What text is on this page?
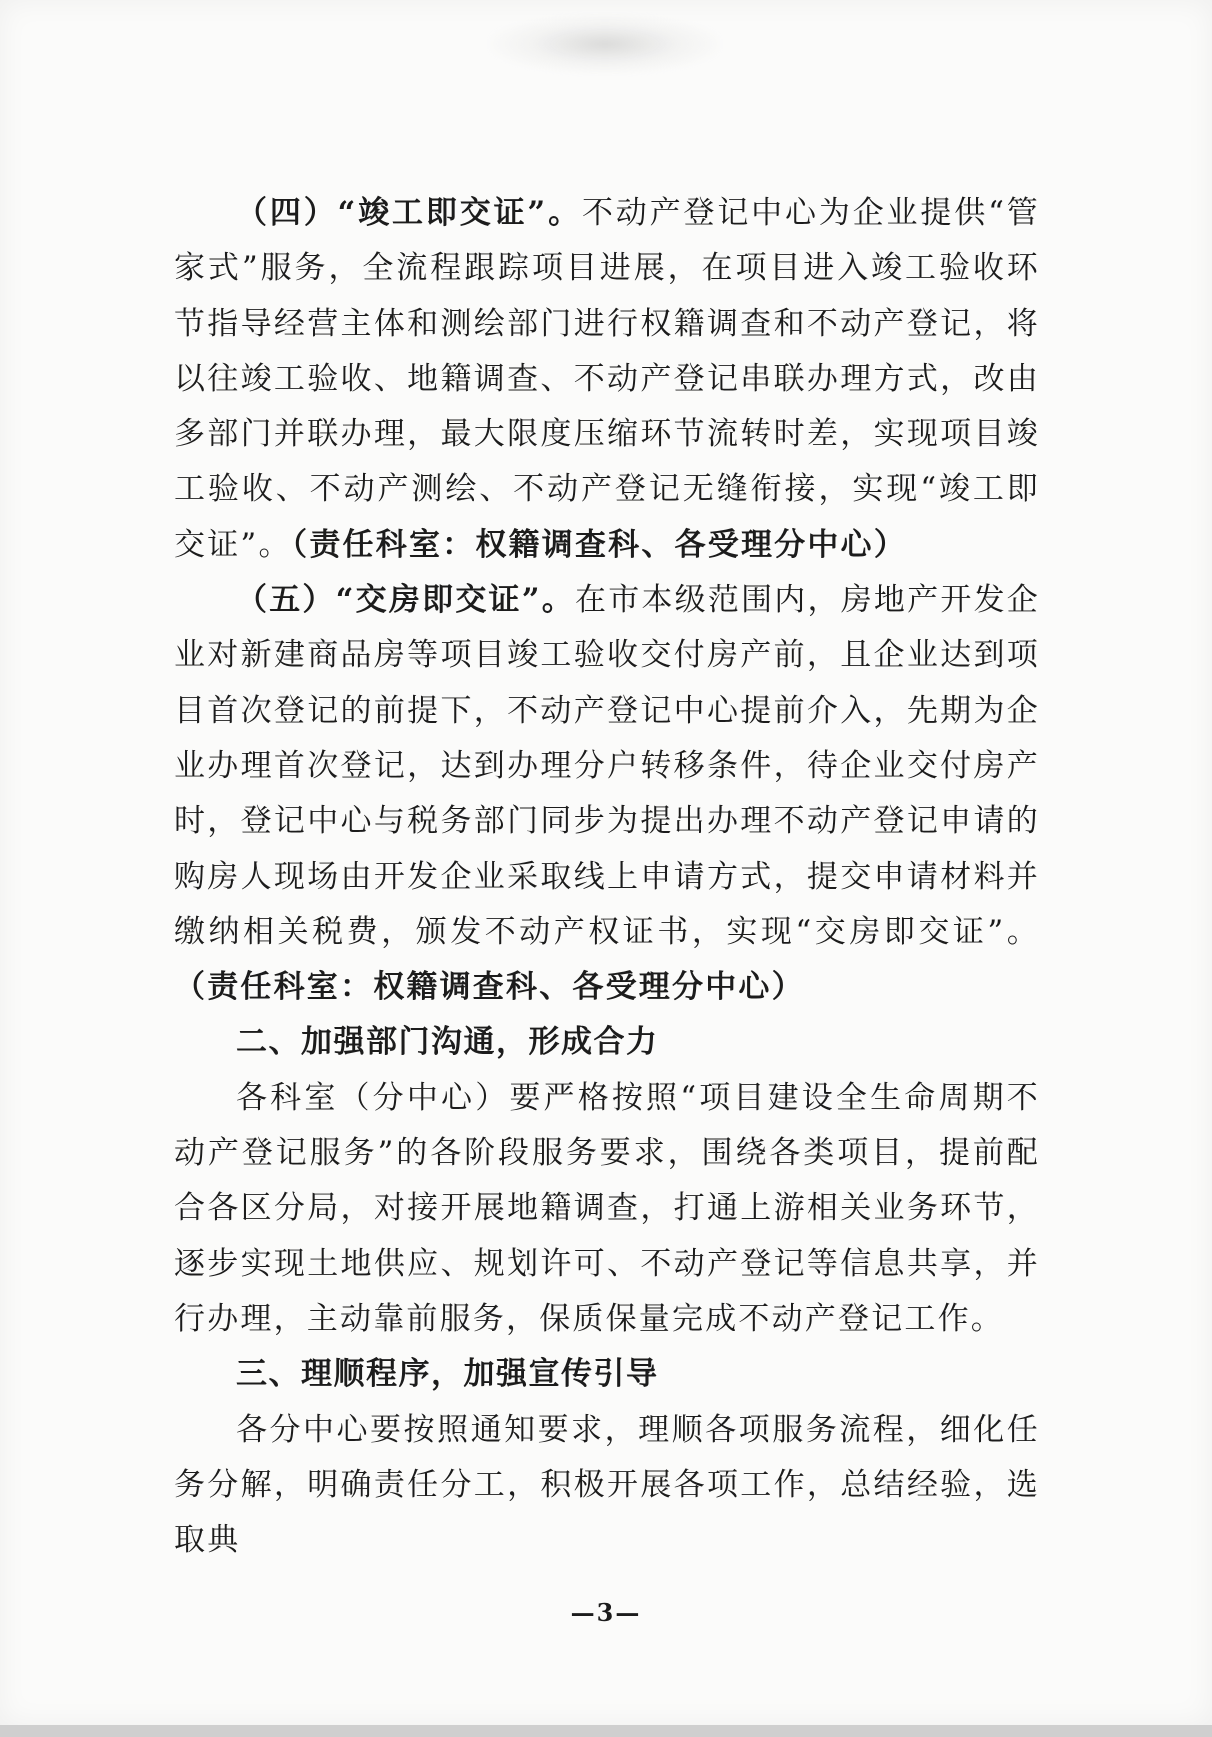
（四）“竣工即交证”。不动产登记中心为企业提供“管家式”服务，全流程跟踪项目进展，在项目进入竣工验收环节指导经营主体和测绘部门进行权籍调查和不动产登记，将以往竣工验收、地籍调查、不动产登记串联办理方式，改由多部门并联办理，最大限度压缩环节流转时差，实现项目竣工验收、不动产测绘、不动产登记无缝衔接，实现“竣工即交证”。（责任科室：权籍调查科、各受理分中心）

（五）“交房即交证”。在市本级范围内，房地产开发企业对新建商品房等项目竣工验收交付房产前，且企业达到项目首次登记的前提下，不动产登记中心提前介入，先期为企业办理首次登记，达到办理分户转移条件，待企业交付房产时，登记中心与税务部门同步为提出办理不动产登记申请的购房人现场由开发企业采取线上申请方式，提交申请材料并缴纳相关税费，颁发不动产权证书，实现“交房即交证”。（责任科室：权籍调查科、各受理分中心）

二、加强部门沟通，形成合力

各科室（分中心）要严格按照“项目建设全生命周期不动产登记服务”的各阶段服务要求，围绕各类项目，提前配合各区分局，对接开展地籍调查，打通上游相关业务环节，逐步实现土地供应、规划许可、不动产登记等信息共享，并行办理，主动靠前服务，保质保量完成不动产登记工作。

三、理顺程序，加强宣传引导

各分中心要按照通知要求，理顺各项服务流程，细化任务分解，明确责任分工，积极开展各项工作，总结经验，选取典

—3—
